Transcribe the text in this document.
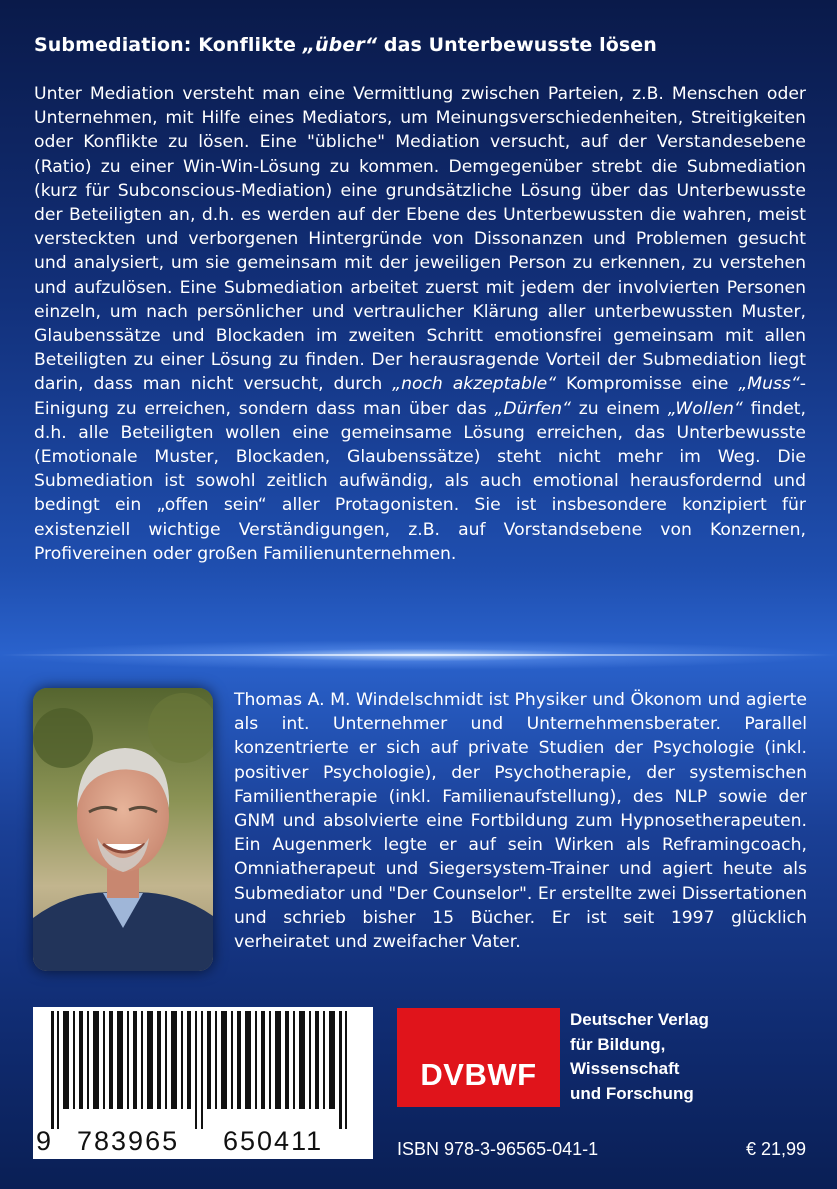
Submediation: Konflikte „über“ das Unterbewusste lösen
Unter Mediation versteht man eine Vermittlung zwischen Parteien, z.B. Menschen oder Unternehmen, mit Hilfe eines Mediators, um Meinungsverschiedenheiten, Streitigkeiten oder Konflikte zu lösen. Eine "übliche" Mediation versucht, auf der Verstandesebene (Ratio) zu einer Win-Win-Lösung zu kommen. Demgegenüber strebt die Submediation (kurz für Subconscious-Mediation) eine grundsätzliche Lösung über das Unterbewusste der Beteiligten an, d.h. es werden auf der Ebene des Unterbewussten die wahren, meist versteckten und verborgenen Hintergründe von Dissonanzen und Problemen gesucht und analysiert, um sie gemeinsam mit der jeweiligen Person zu erkennen, zu verstehen und aufzulösen. Eine Submediation arbeitet zuerst mit jedem der involvierten Personen einzeln, um nach persönlicher und vertraulicher Klärung aller unterbewussten Muster, Glaubenssätze und Blockaden im zweiten Schritt emotionsfrei gemeinsam mit allen Beteiligten zu einer Lösung zu finden. Der herausragende Vorteil der Submediation liegt darin, dass man nicht versucht, durch „noch akzeptable“ Kompromisse eine „Muss“-Einigung zu erreichen, sondern dass man über das „Dürfen“ zu einem „Wollen“ findet, d.h. alle Beteiligten wollen eine gemeinsame Lösung erreichen, das Unterbewusste (Emotionale Muster, Blockaden, Glaubenssätze) steht nicht mehr im Weg. Die Submediation ist sowohl zeitlich aufwändig, als auch emotional herausfordernd und bedingt ein „offen sein“ aller Protagonisten. Sie ist insbesondere konzipiert für existenziell wichtige Verständigungen, z.B. auf Vorstandsebene von Konzernen, Profivereinen oder großen Familienunternehmen.
Thomas A. M. Windelschmidt ist Physiker und Ökonom und agierte als int. Unternehmer und Unternehmensberater. Parallel konzentrierte er sich auf private Studien der Psychologie (inkl. positiver Psychologie), der Psychotherapie, der systemischen Familientherapie (inkl. Familienaufstellung), des NLP sowie der GNM und absolvierte eine Fortbildung zum Hypnosetherapeuten. Ein Augenmerk legte er auf sein Wirken als Reframingcoach, Omniatherapeut und Siegersystem-Trainer und agiert heute als Submediator und "Der Counselor". Er erstellte zwei Dissertationen und schrieb bisher 15 Bücher. Er ist seit 1997 glücklich verheiratet und zweifacher Vater.
9 783965 650411
DVBWF
Deutscher Verlag
für Bildung,
Wissenschaft
und Forschung
ISBN 978-3-96565-041-1	€ 21,99
